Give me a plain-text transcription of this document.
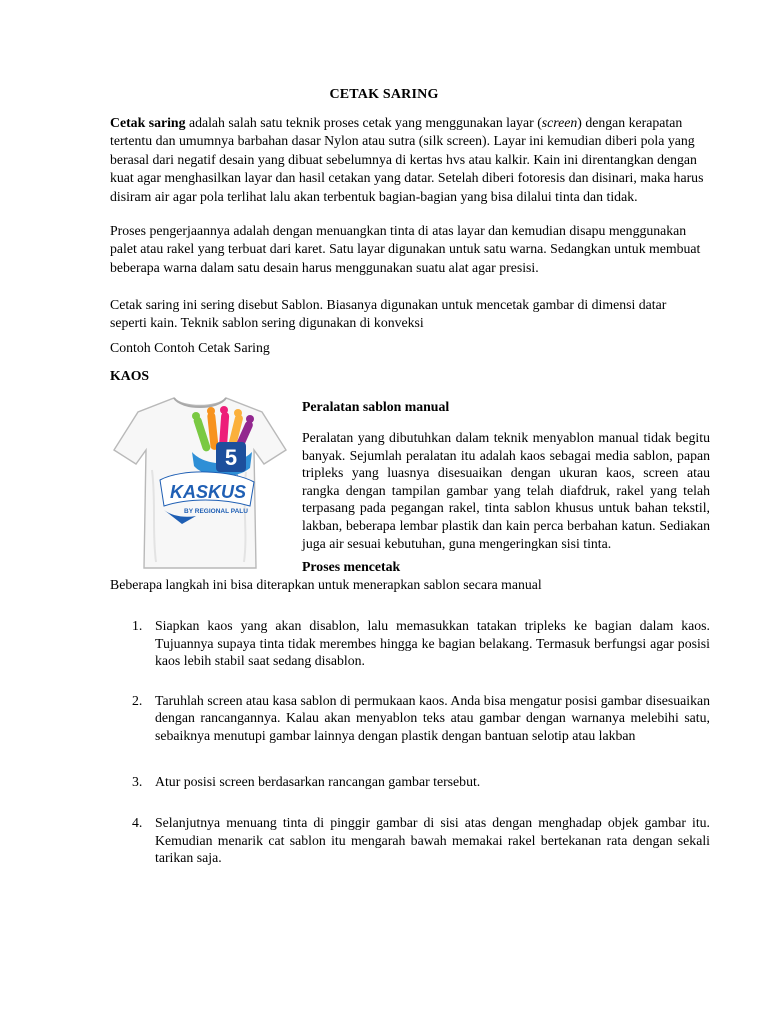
CETAK SARING
Cetak saring adalah salah satu teknik proses cetak yang menggunakan layar (screen) dengan kerapatan tertentu dan umumnya barbahan dasar Nylon atau sutra (silk screen). Layar ini kemudian diberi pola yang berasal dari negatif desain yang dibuat sebelumnya di kertas hvs atau kalkir. Kain ini direntangkan dengan kuat agar menghasilkan layar dan hasil cetakan yang datar. Setelah diberi fotoresis dan disinari, maka harus disiram air agar pola terlihat lalu akan terbentuk bagian-bagian yang bisa dilalui tinta dan tidak.
Proses pengerjaannya adalah dengan menuangkan tinta di atas layar dan kemudian disapu menggunakan palet atau rakel yang terbuat dari karet. Satu layar digunakan untuk satu warna. Sedangkan untuk membuat beberapa warna dalam satu desain harus menggunakan suatu alat agar presisi.
Cetak saring ini sering disebut Sablon. Biasanya digunakan untuk mencetak gambar di dimensi datar seperti kain. Teknik sablon sering digunakan di konveksi
Contoh Contoh Cetak Saring
KAOS
5
KASKUS
BY REGIONAL PALU
Peralatan sablon manual
Peralatan yang dibutuhkan dalam teknik menyablon manual tidak begitu banyak. Sejumlah peralatan itu adalah kaos sebagai media sablon, papan tripleks yang luasnya disesuaikan dengan ukuran kaos, screen atau rangka dengan tampilan gambar yang telah diafdruk, rakel yang telah terpasang pada pegangan rakel, tinta sablon khusus untuk bahan tekstil, lakban, beberapa lembar plastik dan kain perca berbahan katun. Sediakan juga air sesuai kebutuhan, guna mengeringkan sisi tinta.
Proses mencetak
Beberapa langkah ini bisa diterapkan untuk menerapkan sablon secara manual
1. Siapkan kaos yang akan disablon, lalu memasukkan tatakan tripleks ke bagian dalam kaos. Tujuannya supaya tinta tidak merembes hingga ke bagian belakang. Termasuk berfungsi agar posisi kaos lebih stabil saat sedang disablon.
2. Taruhlah screen atau kasa sablon di permukaan kaos. Anda bisa mengatur posisi gambar disesuaikan dengan rancangannya. Kalau akan menyablon teks atau gambar dengan warnanya melebihi satu, sebaiknya menutupi gambar lainnya dengan plastik dengan bantuan selotip atau lakban
3. Atur posisi screen berdasarkan rancangan gambar tersebut.
4. Selanjutnya menuang tinta di pinggir gambar di sisi atas dengan menghadap objek gambar itu. Kemudian menarik cat sablon itu mengarah bawah memakai rakel bertekanan rata dengan sekali tarikan saja.
